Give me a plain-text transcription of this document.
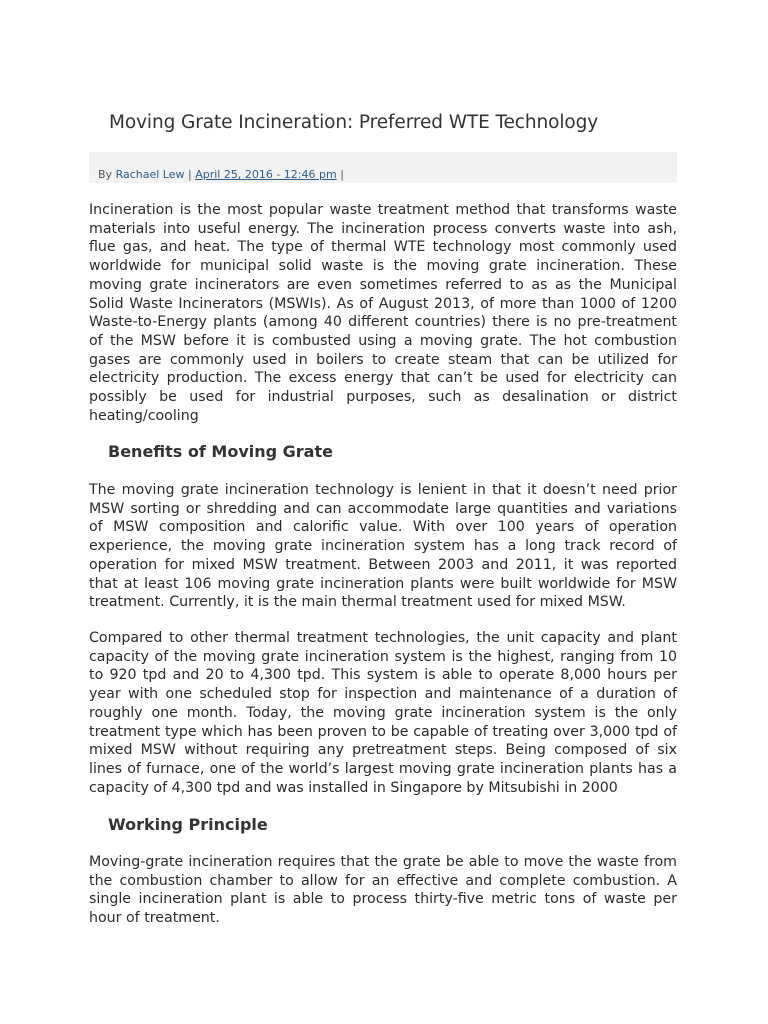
Moving Grate Incineration: Preferred WTE Technology
By Rachael Lew | April 25, 2016 - 12:46 pm |

Incineration is the most popular waste treatment method that transforms waste materials into useful energy. The incineration process converts waste into ash, flue gas, and heat. The type of thermal WTE technology most commonly used worldwide for municipal solid waste is the moving grate incineration. These moving grate incinerators are even sometimes referred to as as the Municipal Solid Waste Incinerators (MSWIs). As of August 2013, of more than 1000 of 1200 Waste-to-Energy plants (among 40 different countries) there is no pre-treatment of the MSW before it is combusted using a moving grate. The hot combustion gases are commonly used in boilers to create steam that can be utilized for electricity production. The excess energy that can’t be used for electricity can possibly be used for industrial purposes, such as desalination or district heating/cooling

Benefits of Moving Grate

The moving grate incineration technology is lenient in that it doesn’t need prior MSW sorting or shredding and can accommodate large quantities and variations of MSW composition and calorific value. With over 100 years of operation experience, the moving grate incineration system has a long track record of operation for mixed MSW treatment. Between 2003 and 2011, it was reported that at least 106 moving grate incineration plants were built worldwide for MSW treatment. Currently, it is the main thermal treatment used for mixed MSW.

Compared to other thermal treatment technologies, the unit capacity and plant capacity of the moving grate incineration system is the highest, ranging from 10 to 920 tpd and 20 to 4,300 tpd. This system is able to operate 8,000 hours per year with one scheduled stop for inspection and maintenance of a duration of roughly one month. Today, the moving grate incineration system is the only treatment type which has been proven to be capable of treating over 3,000 tpd of mixed MSW without requiring any pretreatment steps. Being composed of six lines of furnace, one of the world’s largest moving grate incineration plants has a capacity of 4,300 tpd and was installed in Singapore by Mitsubishi in 2000

Working Principle

Moving-grate incineration requires that the grate be able to move the waste from the combustion chamber to allow for an effective and complete combustion. A single incineration plant is able to process thirty-five metric tons of waste per hour of treatment.
